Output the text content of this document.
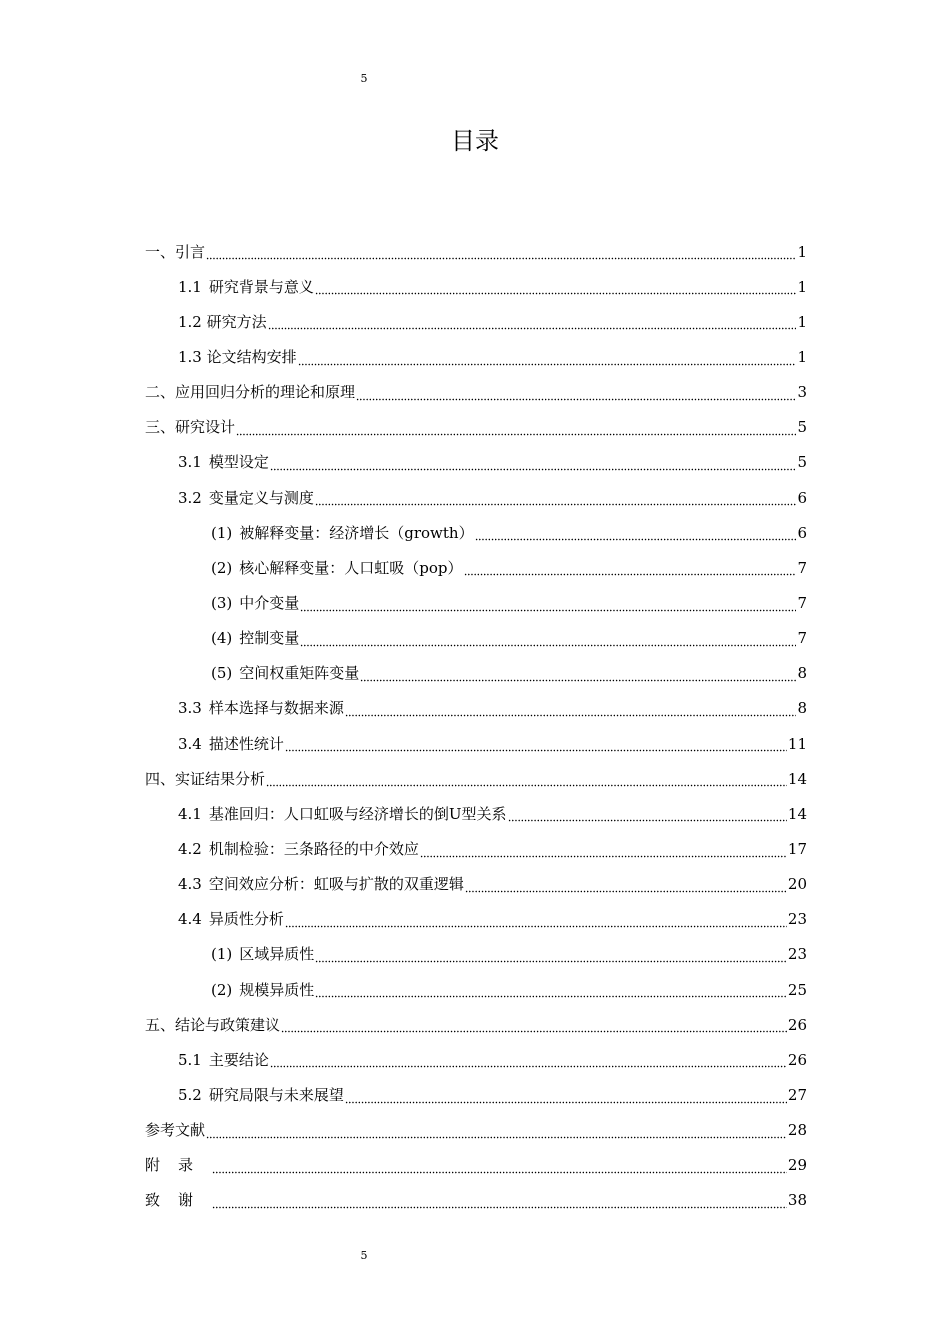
5
目录
一、引言	1
1.1 研究背景与意义	1
1.2 研究方法	1
1.3 论文结构安排	1
二、应用回归分析的理论和原理	3
三、研究设计	5
3.1 模型设定	5
3.2 变量定义与测度	6
(1) 被解释变量：经济增长（growth）	6
(2) 核心解释变量：人口虹吸（pop）	7
(3) 中介变量	7
(4) 控制变量	7
(5) 空间权重矩阵变量	8
3.3 样本选择与数据来源	8
3.4 描述性统计	11
四、实证结果分析	14
4.1 基准回归：人口虹吸与经济增长的倒U型关系	14
4.2 机制检验：三条路径的中介效应	17
4.3 空间效应分析：虹吸与扩散的双重逻辑	20
4.4 异质性分析	23
(1) 区域异质性	23
(2) 规模异质性	25
五、结论与政策建议	26
5.1 主要结论	26
5.2 研究局限与未来展望	27
参考文献	28
附录	29
致谢	38
5
